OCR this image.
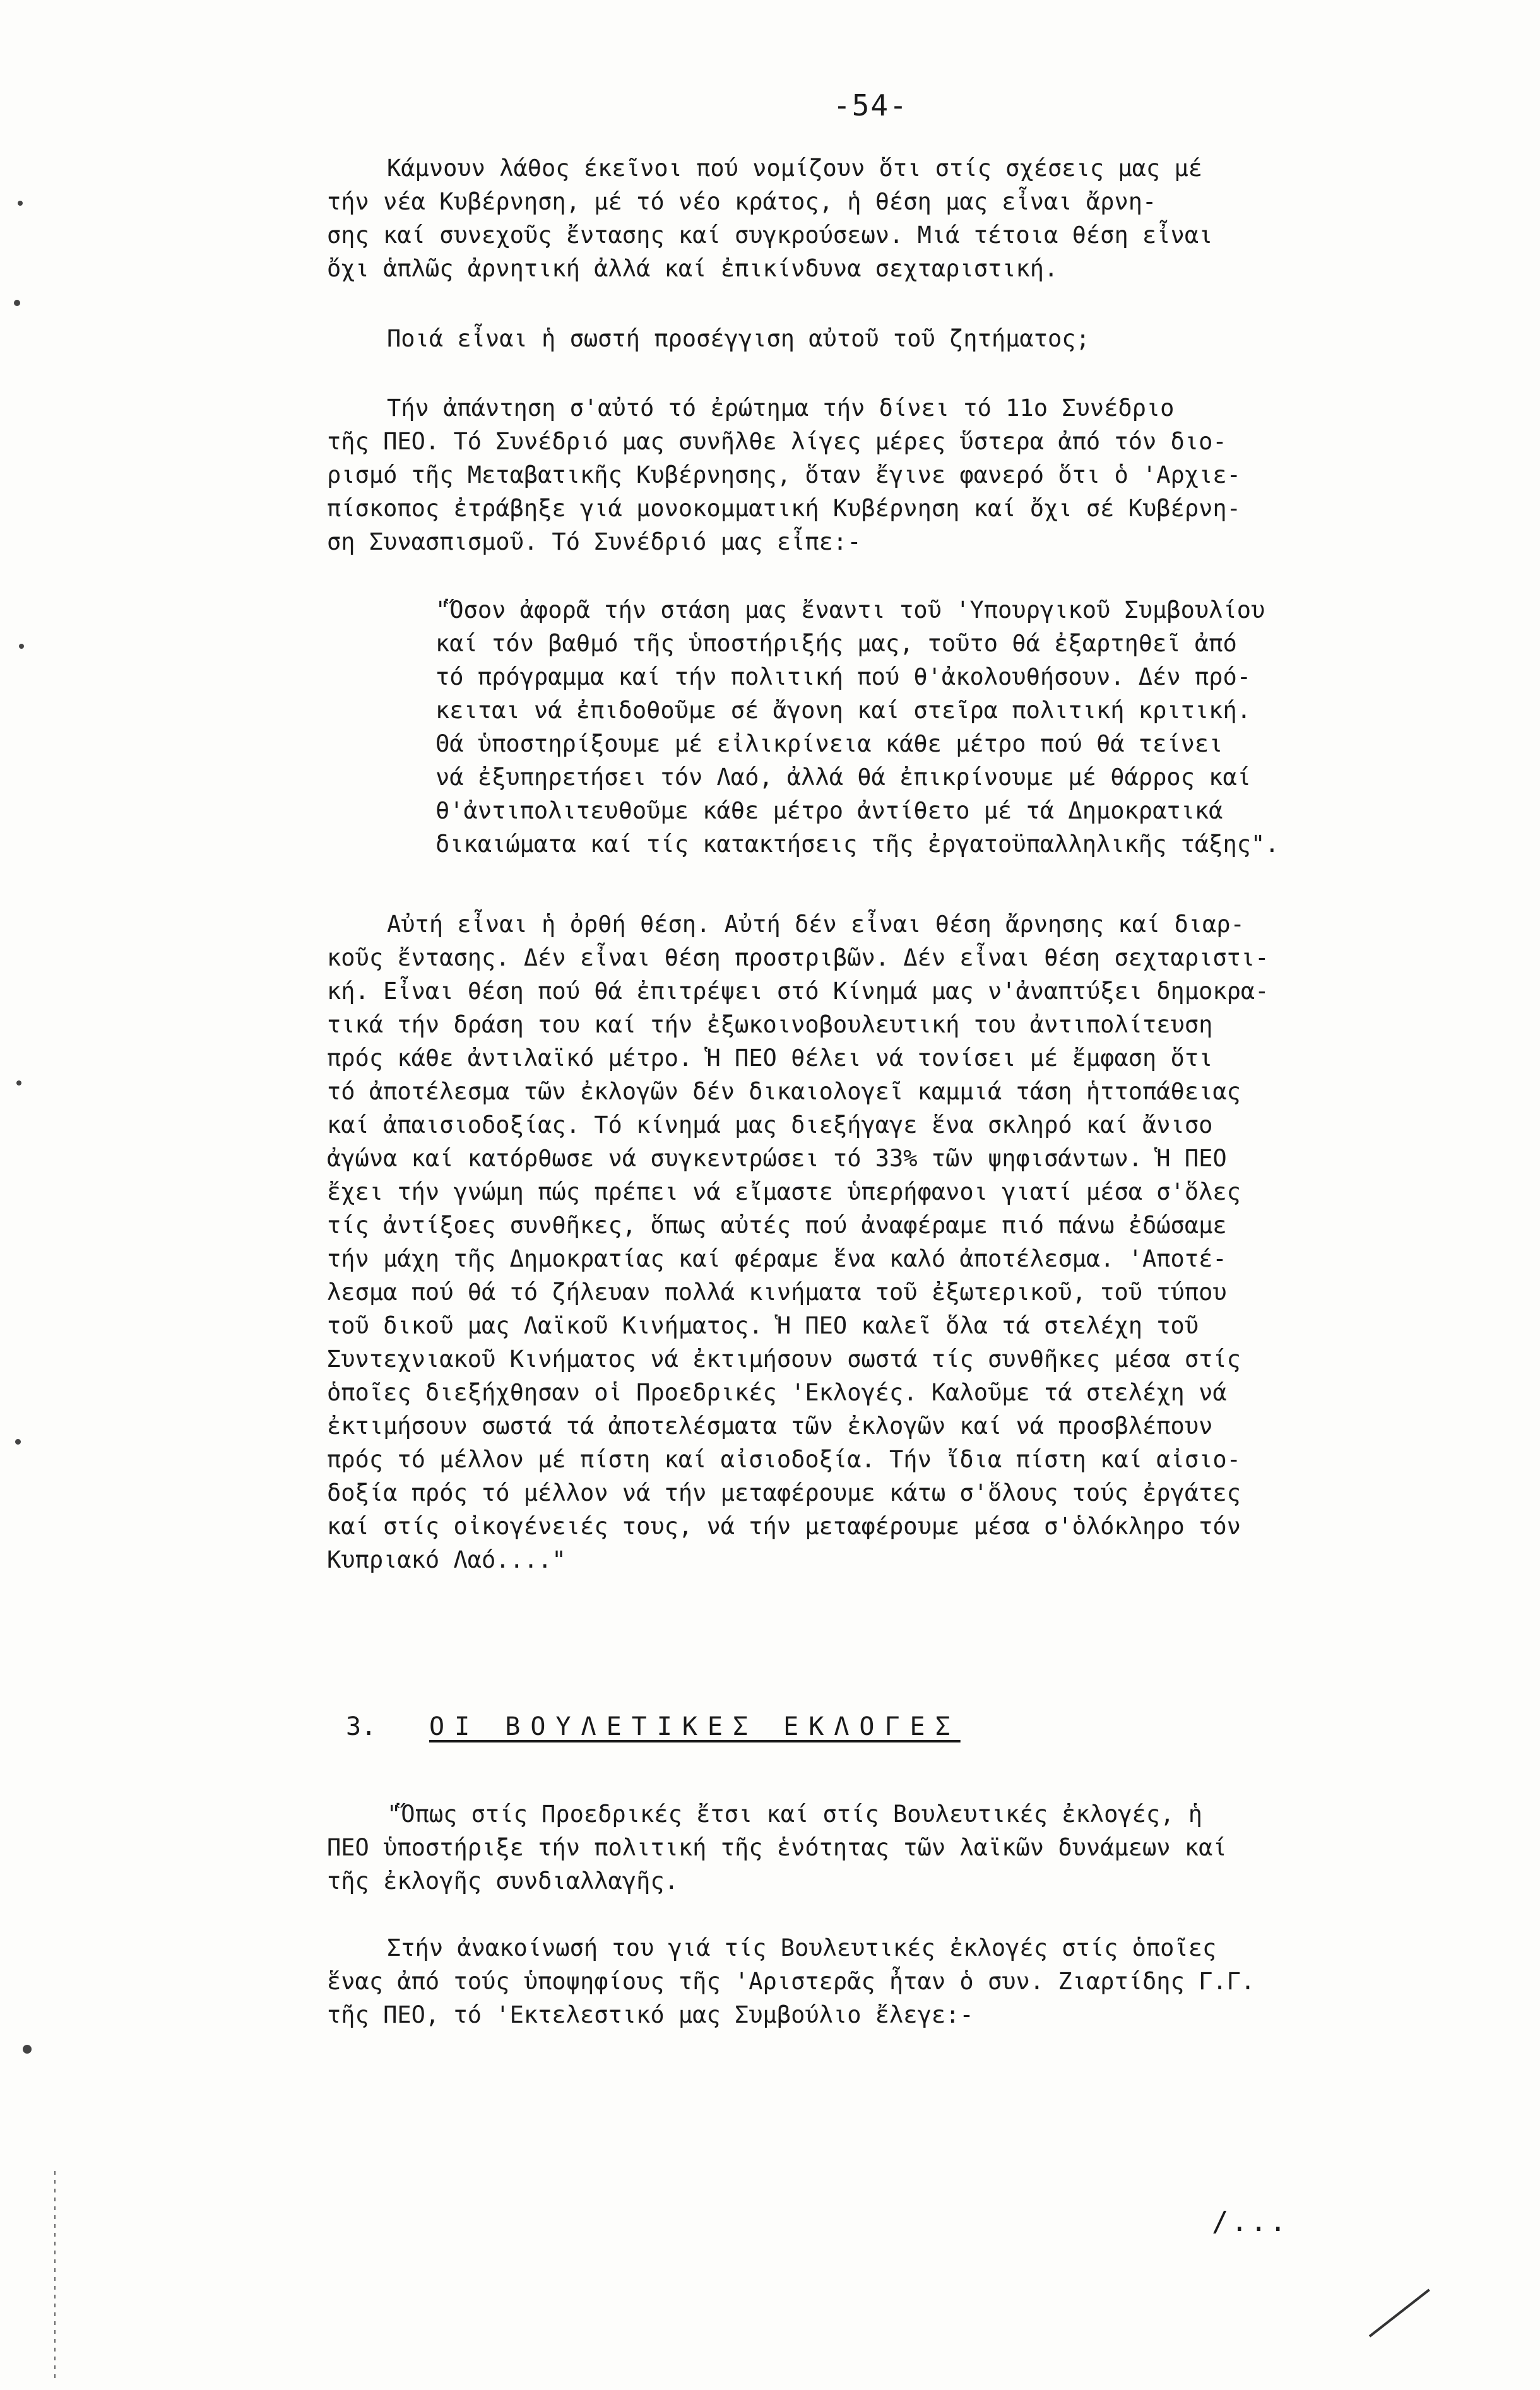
-54-
Κάμνουν λάθος έκεῖνοι πού νομίζουν ὅτι στίς σχέσεις μας μέ
τήν νέα Κυβέρνηση, μέ τό νέο κράτος, ἡ θέση μας εἶναι ἄρνη-
σης καί συνεχοῦς ἔντασης καί συγκρούσεων. Μιά τέτοια θέση εἶναι
ὄχι ἁπλῶς ἀρνητική ἀλλά καί ἐπικίνδυνα σεχταριστική.
Ποιά εἶναι ἡ σωστή προσέγγιση αὐτοῦ τοῦ ζητήματος;
Τήν ἀπάντηση σ'αὐτό τό ἐρώτημα τήν δίνει τό 11ο Συνέδριο
τῆς ΠΕΟ. Τό Συνέδριό μας συνῆλθε λίγες μέρες ὕστερα ἀπό τόν διο-
ρισμό τῆς Μεταβατικῆς Κυβέρνησης, ὅταν ἔγινε φανερό ὅτι ὁ 'Αρχιε-
πίσκοπος ἐτράβηξε γιά μονοκομματική Κυβέρνηση καί ὄχι σέ Κυβέρνη-
ση Συνασπισμοῦ. Τό Συνέδριό μας εἶπε:-
"Ὅσον ἀφορᾶ τήν στάση μας ἔναντι τοῦ 'Υπουργικοῦ Συμβουλίου
καί τόν βαθμό τῆς ὑποστήριξής μας, τοῦτο θά ἐξαρτηθεῖ ἀπό
τό πρόγραμμα καί τήν πολιτική πού θ'ἀκολουθήσουν. Δέν πρό-
κειται νά ἐπιδοθοῦμε σέ ἄγονη καί στεῖρα πολιτική κριτική.
Θά ὑποστηρίξουμε μέ εἰλικρίνεια κάθε μέτρο πού θά τείνει
νά ἐξυπηρετήσει τόν Λαό, ἀλλά θά ἐπικρίνουμε μέ θάρρος καί
θ'ἀντιπολιτευθοῦμε κάθε μέτρο ἀντίθετο μέ τά Δημοκρατικά
δικαιώματα καί τίς κατακτήσεις τῆς ἐργατοϋπαλληλικῆς τάξης".
Αὐτή εἶναι ἡ ὀρθή θέση. Αὐτή δέν εἶναι θέση ἄρνησης καί διαρ-
κοῦς ἔντασης. Δέν εἶναι θέση προστριβῶν. Δέν εἶναι θέση σεχταριστι-
κή. Εἶναι θέση πού θά ἐπιτρέψει στό Κίνημά μας ν'ἀναπτύξει δημοκρα-
τικά τήν δράση του καί τήν ἐξωκοινοβουλευτική του ἀντιπολίτευση
πρός κάθε ἀντιλαϊκό μέτρο. Ἡ ΠΕΟ θέλει νά τονίσει μέ ἔμφαση ὅτι
τό ἀποτέλεσμα τῶν ἐκλογῶν δέν δικαιολογεῖ καμμιά τάση ἡττοπάθειας
καί ἀπαισιοδοξίας. Τό κίνημά μας διεξήγαγε ἕνα σκληρό καί ἄνισο
ἀγώνα καί κατόρθωσε νά συγκεντρώσει τό 33% τῶν ψηφισάντων. Ἡ ΠΕΟ
ἔχει τήν γνώμη πώς πρέπει νά εἴμαστε ὑπερήφανοι γιατί μέσα σ'ὅλες
τίς ἀντίξοες συνθῆκες, ὅπως αὐτές πού ἀναφέραμε πιό πάνω ἐδώσαμε
τήν μάχη τῆς Δημοκρατίας καί φέραμε ἕνα καλό ἀποτέλεσμα. 'Αποτέ-
λεσμα πού θά τό ζήλευαν πολλά κινήματα τοῦ ἐξωτερικοῦ, τοῦ τύπου
τοῦ δικοῦ μας Λαϊκοῦ Κινήματος. Ἡ ΠΕΟ καλεῖ ὅλα τά στελέχη τοῦ
Συντεχνιακοῦ Κινήματος νά ἐκτιμήσουν σωστά τίς συνθῆκες μέσα στίς
ὁποῖες διεξήχθησαν οἱ Προεδρικές 'Εκλογές. Καλοῦμε τά στελέχη νά
ἐκτιμήσουν σωστά τά ἀποτελέσματα τῶν ἐκλογῶν καί νά προσβλέπουν
πρός τό μέλλον μέ πίστη καί αἰσιοδοξία. Τήν ἴδια πίστη καί αἰσιο-
δοξία πρός τό μέλλον νά τήν μεταφέρουμε κάτω σ'ὅλους τούς ἐργάτες
καί στίς οἰκογένειές τους, νά τήν μεταφέρουμε μέσα σ'ὁλόκληρο τόν
Κυπριακό Λαό...."
3. ΟΙ ΒΟΥΛΕΤΙΚΕΣ ΕΚΛΟΓΕΣ
"Ὅπως στίς Προεδρικές ἔτσι καί στίς Βουλευτικές ἐκλογές, ἡ
ΠΕΟ ὑποστήριξε τήν πολιτική τῆς ἑνότητας τῶν λαϊκῶν δυνάμεων καί
τῆς ἐκλογῆς συνδιαλλαγῆς.
Στήν ἀνακοίνωσή του γιά τίς Βουλευτικές ἐκλογές στίς ὁποῖες
ἕνας ἀπό τούς ὑποψηφίους τῆς 'Αριστερᾶς ἦταν ὁ συν. Ζιαρτίδης Γ.Γ.
τῆς ΠΕΟ, τό 'Εκτελεστικό μας Συμβούλιο ἔλεγε:-
/...
